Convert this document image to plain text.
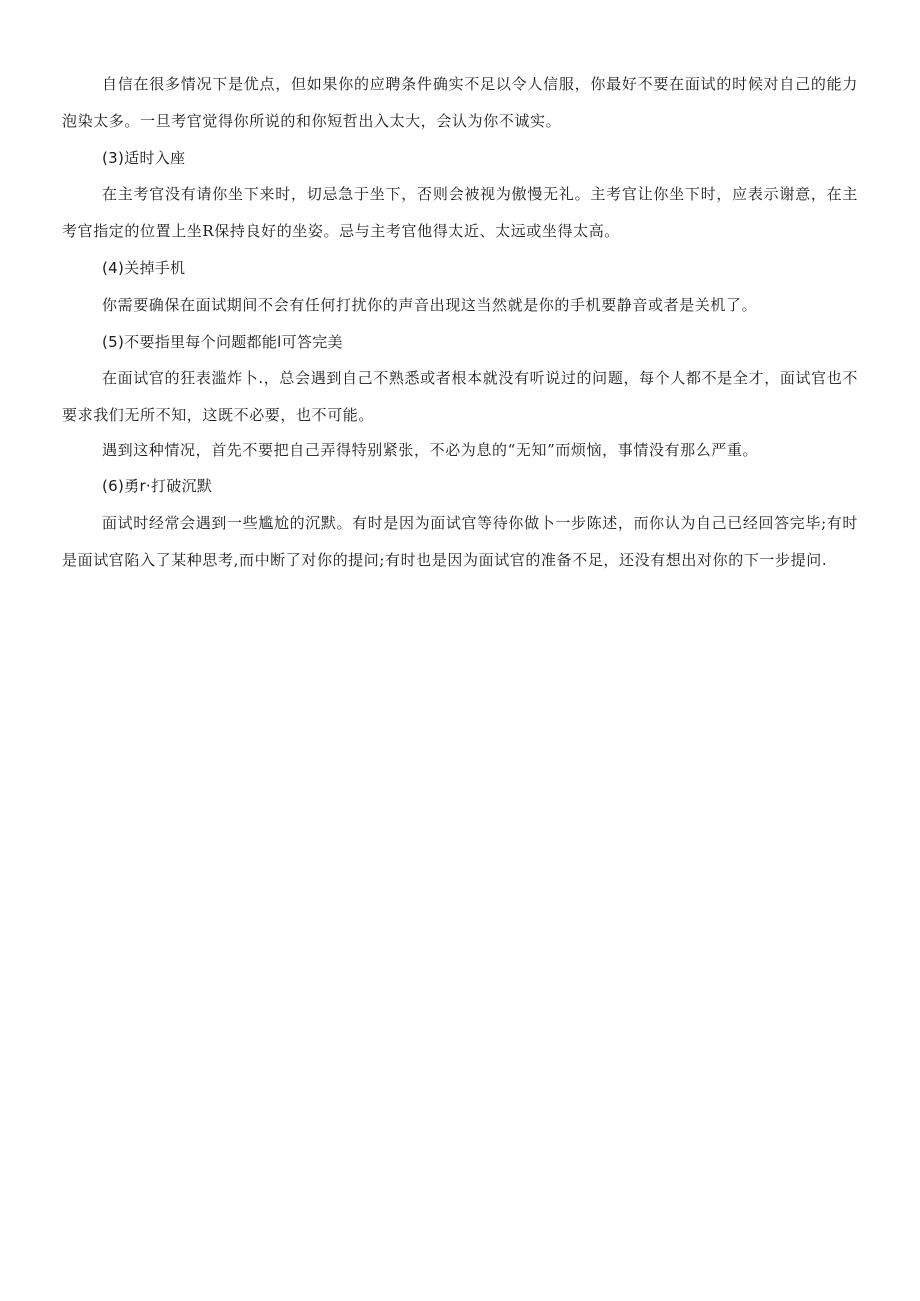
自信在很多情况下是优点，但如果你的应聘条件确实不足以令人信服，你最好不要在面试的时候对自己的能力泡染太多。一旦考官觉得你所说的和你短哲出入太大，会认为你不诚实。

(3)适时入座

在主考官没有请你坐下来时，切忌急于坐下，否则会被视为傲慢无礼。主考官让你坐下时，应表示谢意，在主考官指定的位置上坐R保持良好的坐姿。忌与主考官他得太近、太远或坐得太高。

(4)关掉手机

你需要确保在面试期间不会有任何打扰你的声音出现这当然就是你的手机要静音或者是关机了。

(5)不要指里每个问题都能l可答完美

在面试官的狂表滥炸卜.，总会遇到自己不熟悉或者根本就没有听说过的问题，每个人都不是全才，面试官也不要求我们无所不知，这既不必要，也不可能。

遇到这种情况，首先不要把自己弄得特别紧张，不必为息的“无知”而烦恼，事情没有那么严重。

(6)勇r·打破沉默

面试时经常会遇到一些尴尬的沉默。有时是因为面试官等待你做卜一步陈述，而你认为自己已经回答完毕;有时是面试官陷入了某种思考,而中断了对你的提问;有时也是因为面试官的准备不足，还没有想出对你的下一步提问.
